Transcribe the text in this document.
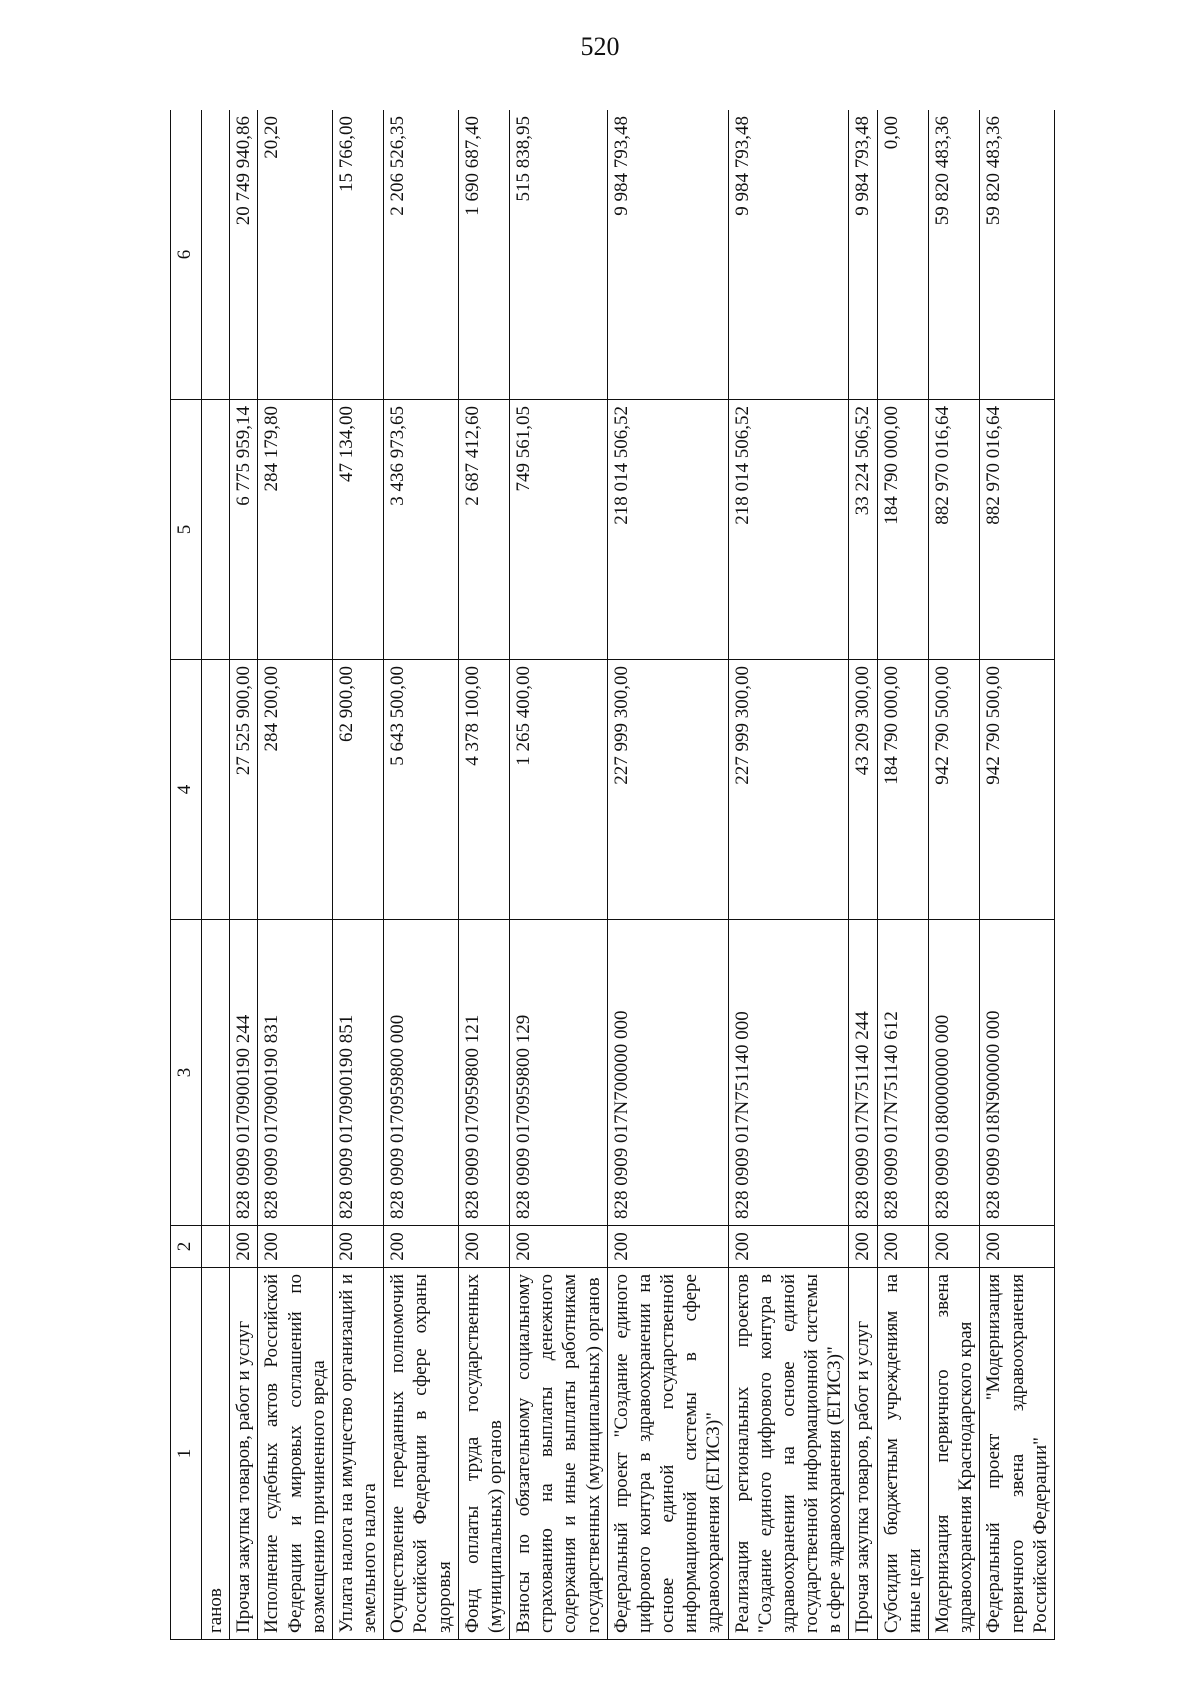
520
1	2	3	4	5	6
ганов					
Прочая закупка товаров, работ и услуг	200	828 0909 0170900190 244	27 525 900,00	6 775 959,14	20 749 940,86
Исполнение судебных актов Российской Федерации и мировых соглашений по возмещению причиненного вреда	200	828 0909 0170900190 831	284 200,00	284 179,80	20,20
Уплата налога на имущество организаций и земельного налога	200	828 0909 0170900190 851	62 900,00	47 134,00	15 766,00
Осуществление переданных полномочий Российской Федерации в сфере охраны здоровья	200	828 0909 0170959800 000	5 643 500,00	3 436 973,65	2 206 526,35
Фонд оплаты труда государственных (муниципальных) органов	200	828 0909 0170959800 121	4 378 100,00	2 687 412,60	1 690 687,40
Взносы по обязательному социальному страхованию на выплаты денежного содержания и иные выплаты работникам государственных (муниципальных) органов	200	828 0909 0170959800 129	1 265 400,00	749 561,05	515 838,95
Федеральный проект "Создание единого цифрового контура в здравоохранении на основе единой государственной информационной системы в сфере здравоохранения (ЕГИСЗ)"	200	828 0909 017N700000 000	227 999 300,00	218 014 506,52	9 984 793,48
Реализация региональных проектов "Создание единого цифрового контура в здравоохранении на основе единой государственной информационной системы в сфере здравоохранения (ЕГИСЗ)"	200	828 0909 017N751140 000	227 999 300,00	218 014 506,52	9 984 793,48
Прочая закупка товаров, работ и услуг	200	828 0909 017N751140 244	43 209 300,00	33 224 506,52	9 984 793,48
Субсидии бюджетным учреждениям на иные цели	200	828 0909 017N751140 612	184 790 000,00	184 790 000,00	0,00
Модернизация первичного звена здравоохранения Краснодарского края	200	828 0909 0180000000 000	942 790 500,00	882 970 016,64	59 820 483,36
Федеральный проект "Модернизация первичного звена здравоохранения Российской Федерации"	200	828 0909 018N900000 000	942 790 500,00	882 970 016,64	59 820 483,36
